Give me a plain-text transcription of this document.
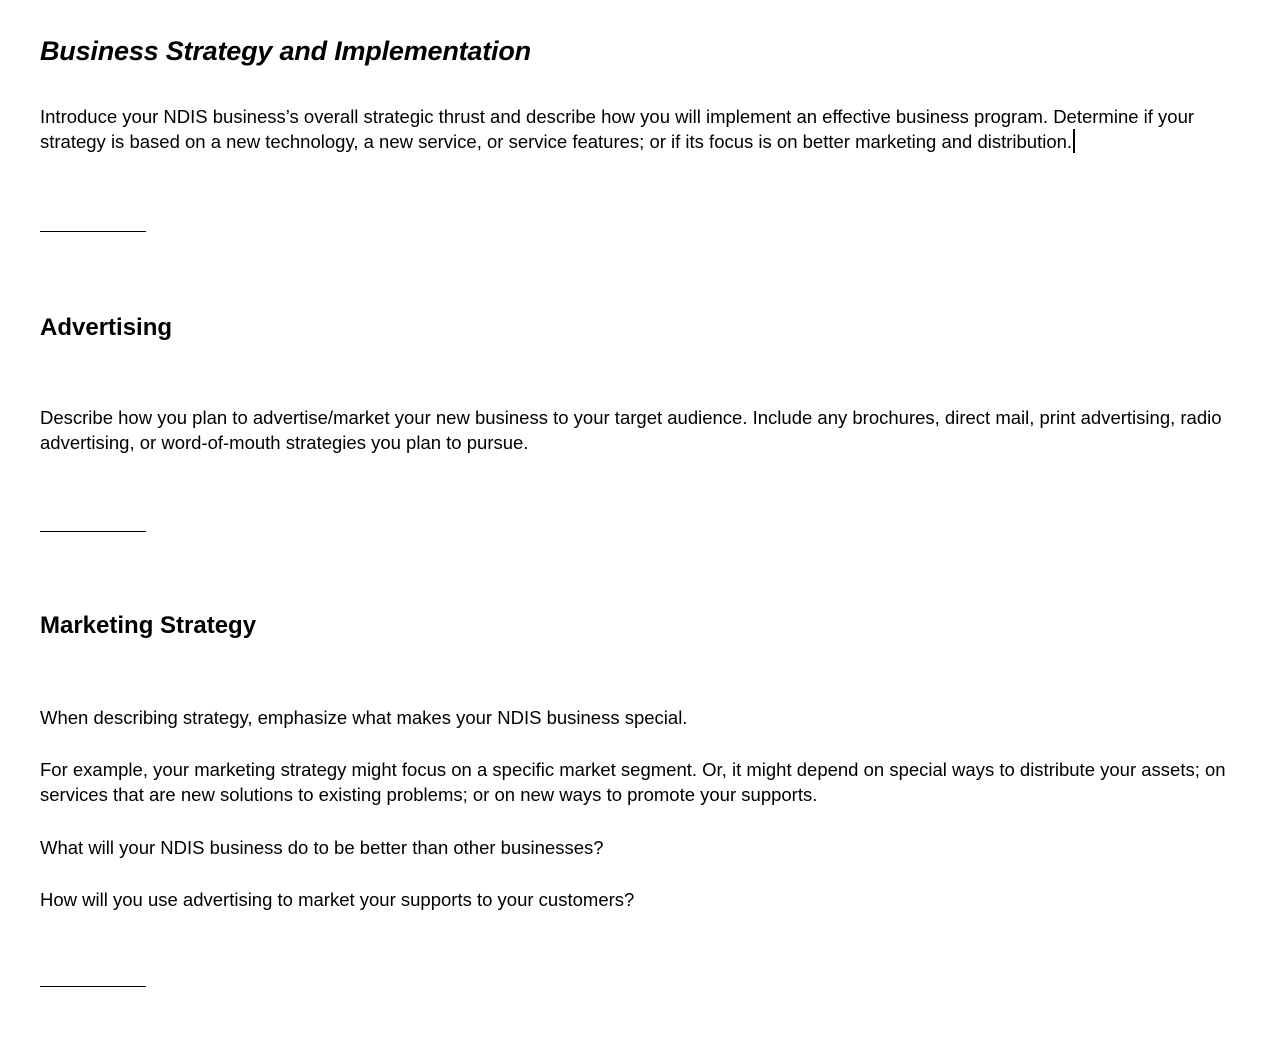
Business Strategy and Implementation

Introduce your NDIS business’s overall strategic thrust and describe how you will implement an effective business program. Determine if your strategy is based on a new technology, a new service, or service features; or if its focus is on better marketing and distribution.

Advertising

Describe how you plan to advertise/market your new business to your target audience. Include any brochures, direct mail, print advertising, radio advertising, or word-of-mouth strategies you plan to pursue.

Marketing Strategy

When describing strategy, emphasize what makes your NDIS business special.

For example, your marketing strategy might focus on a specific market segment. Or, it might depend on special ways to distribute your assets; on services that are new solutions to existing problems; or on new ways to promote your supports.

What will your NDIS business do to be better than other businesses?

How will you use advertising to market your supports to your customers?
